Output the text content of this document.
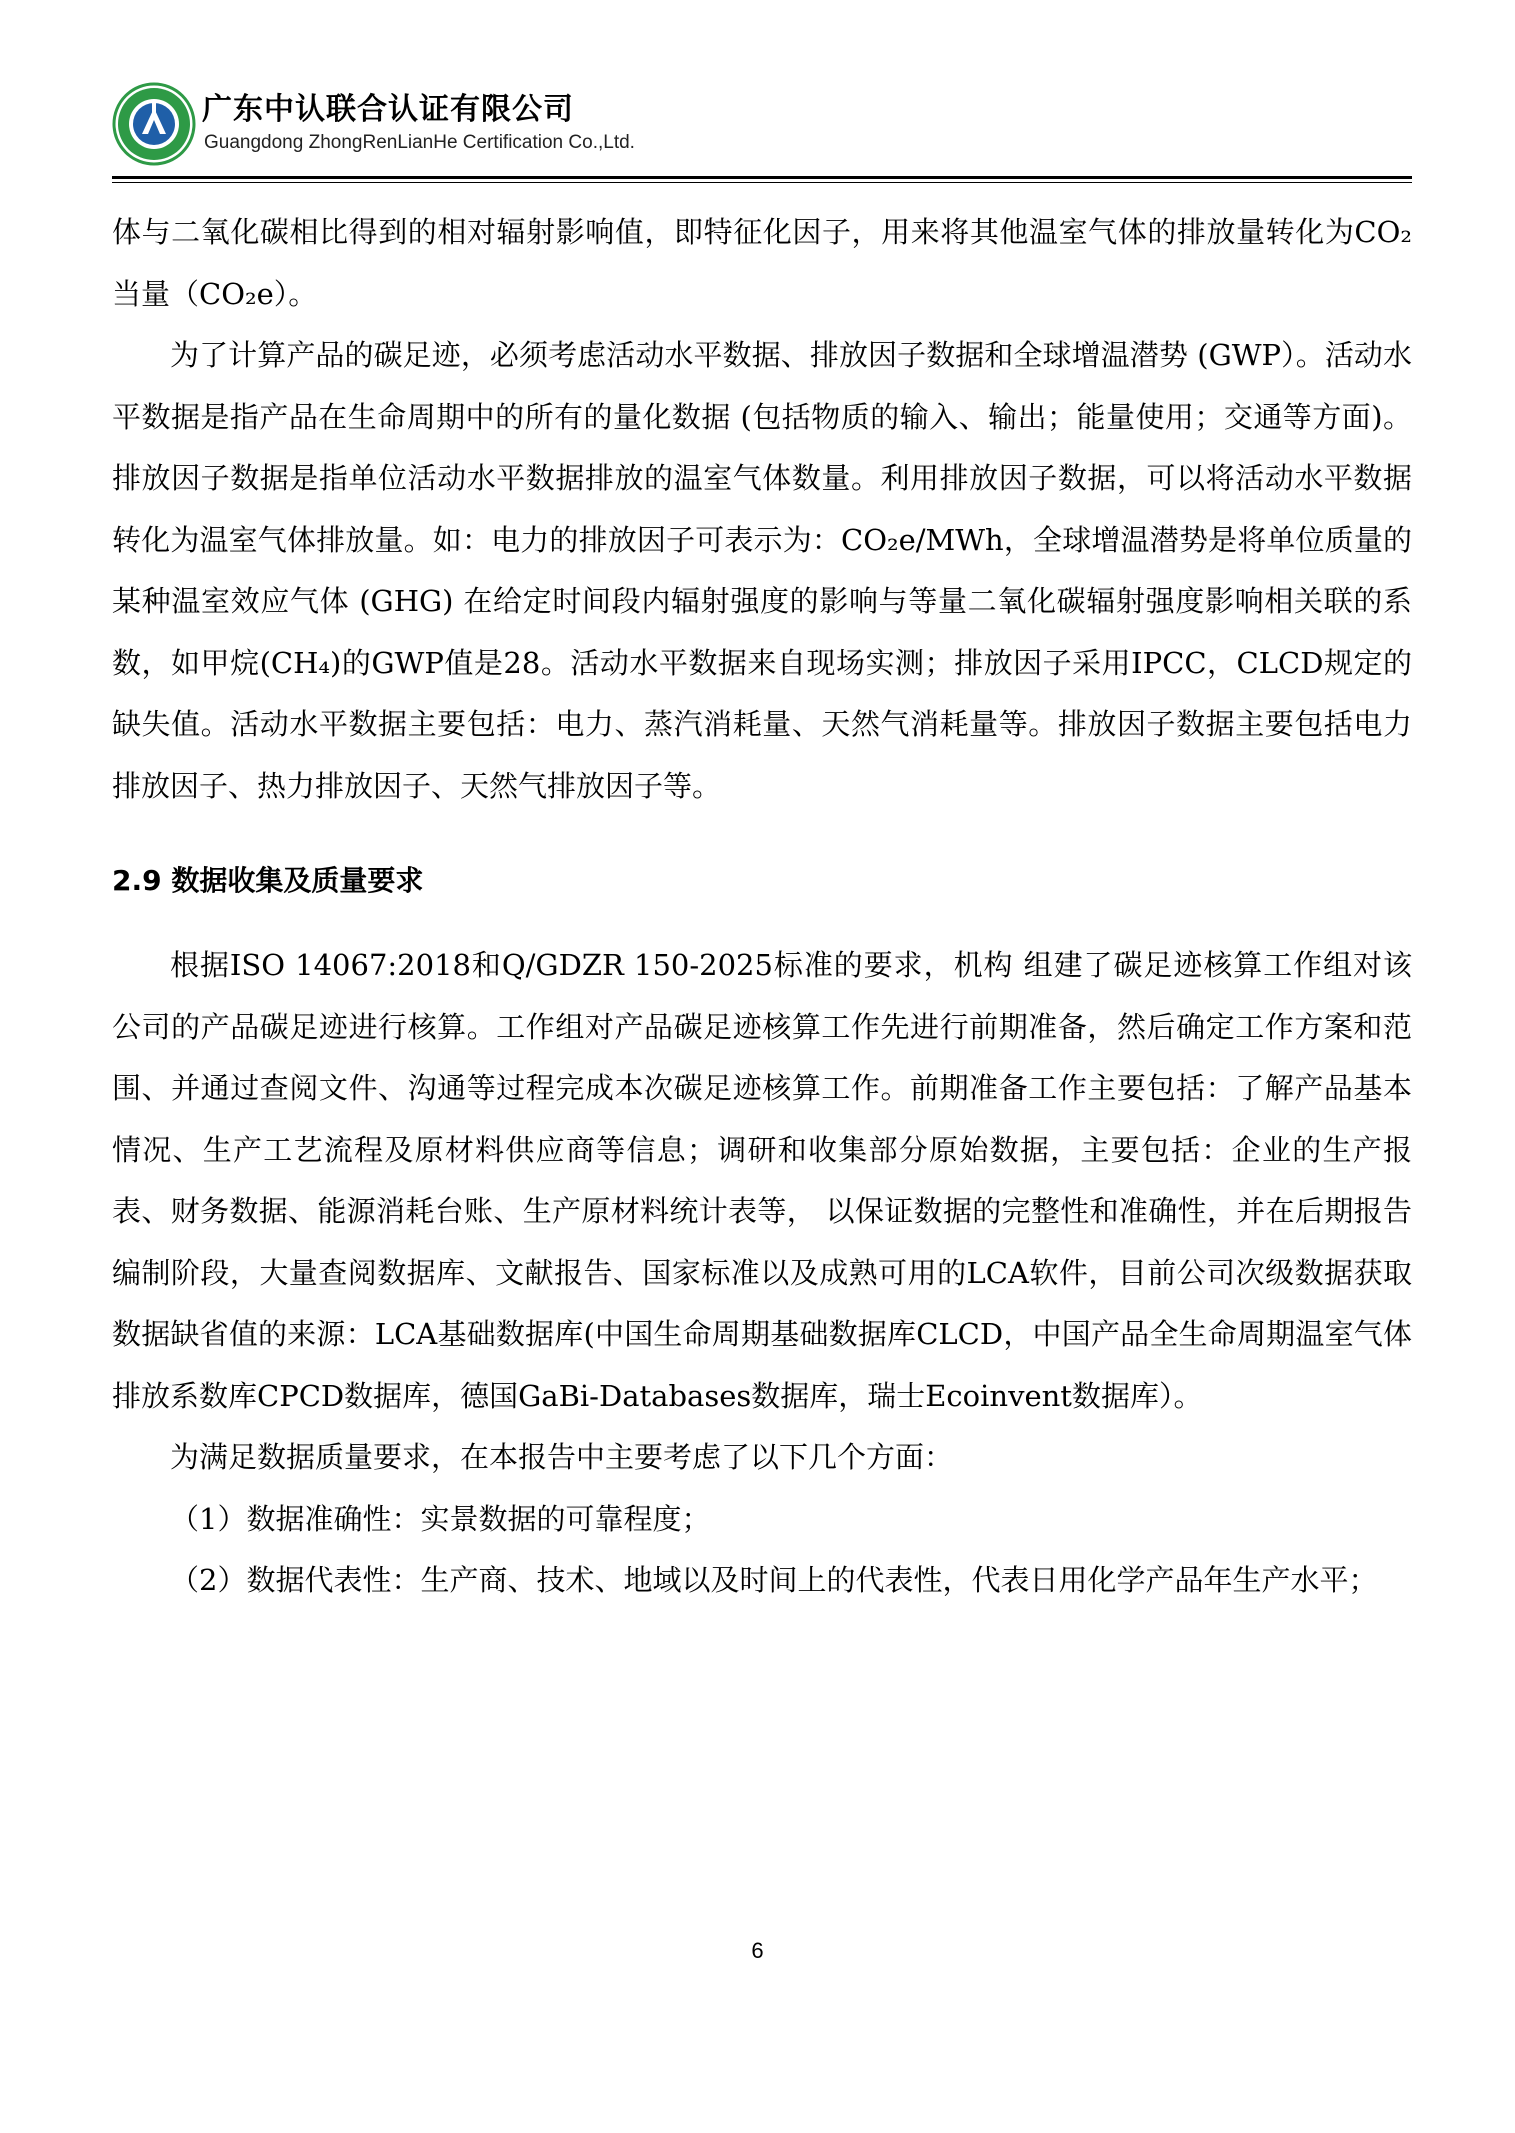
广东中认联合认证有限公司
Guangdong ZhongRenLianHe Certification Co.,Ltd.

体与二氧化碳相比得到的相对辐射影响值，即特征化因子，用来将其他温室气体的排放量转化为CO₂当量（CO₂e）。

为了计算产品的碳足迹，必须考虑活动水平数据、排放因子数据和全球增温潜势 (GWP）。活动水平数据是指产品在生命周期中的所有的量化数据 (包括物质的输入、输出；能量使用；交通等方面)。排放因子数据是指单位活动水平数据排放的温室气体数量。利用排放因子数据，可以将活动水平数据转化为温室气体排放量。如：电力的排放因子可表示为：CO₂e/MWh，全球增温潜势是将单位质量的某种温室效应气体 (GHG) 在给定时间段内辐射强度的影响与等量二氧化碳辐射强度影响相关联的系数，如甲烷(CH₄)的GWP值是28。活动水平数据来自现场实测；排放因子采用IPCC，CLCD规定的缺失值。活动水平数据主要包括：电力、蒸汽消耗量、天然气消耗量等。排放因子数据主要包括电力排放因子、热力排放因子、天然气排放因子等。

2.9 数据收集及质量要求

根据ISO 14067:2018和Q/GDZR 150-2025标准的要求，机构 组建了碳足迹核算工作组对该公司的产品碳足迹进行核算。工作组对产品碳足迹核算工作先进行前期准备，然后确定工作方案和范围、并通过查阅文件、沟通等过程完成本次碳足迹核算工作。前期准备工作主要包括：了解产品基本情况、生产工艺流程及原材料供应商等信息；调研和收集部分原始数据，主要包括：企业的生产报表、财务数据、能源消耗台账、生产原材料统计表等， 以保证数据的完整性和准确性，并在后期报告编制阶段，大量查阅数据库、文献报告、国家标准以及成熟可用的LCA软件，目前公司次级数据获取数据缺省值的来源：LCA基础数据库(中国生命周期基础数据库CLCD，中国产品全生命周期温室气体排放系数库CPCD数据库，德国GaBi-Databases数据库，瑞士Ecoinvent数据库）。

为满足数据质量要求，在本报告中主要考虑了以下几个方面：

（1）数据准确性：实景数据的可靠程度；

（2）数据代表性：生产商、技术、地域以及时间上的代表性，代表日用化学产品年生产水平；

6
